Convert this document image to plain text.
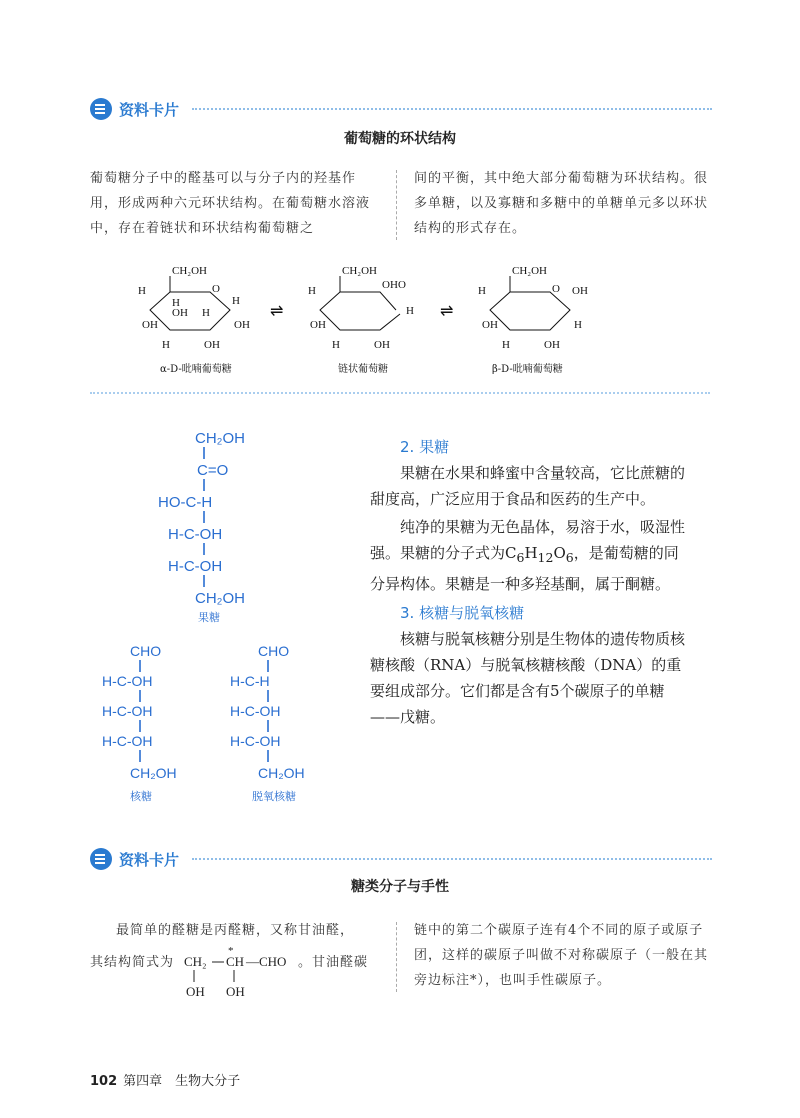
资料卡片
葡萄糖的环状结构
葡萄糖分子中的醛基可以与分子内的羟基作用，形成两种六元环状结构。在葡萄糖水溶液中，存在着链状和环状结构葡萄糖之
间的平衡，其中绝大部分葡萄糖为环状结构。很多单糖，以及寡糖和多糖中的单糖单元多以环状结构的形式存在。
CH₂OH
O
H
H	H
OH
OH H
OH
H	OH
⇌
CH₂OH
OH O
H
H
OH
H	OH
⇌
CH₂OH
O
H	OH
OH	H
H	OH
α-D-吡喃葡萄糖	链状葡萄糖	β-D-吡喃葡萄糖
CH₂OH
C=O
HO-C-H
H-C-OH
H-C-OH
CH₂OH
果糖
2. 果糖
果糖在水果和蜂蜜中含量较高，它比蔗糖的甜度高，广泛应用于食品和医药的生产中。
纯净的果糖为无色晶体，易溶于水，吸湿性强。果糖的分子式为$C_6H_{12}O_6$，是葡萄糖的同分异构体。果糖是一种多羟基酮，属于酮糖。
CHO
H-C-OH
H-C-OH
H-C-OH
CH₂OH
核糖
CHO
H-C-H
H-C-OH
H-C-OH
CH₂OH
脱氧核糖
3. 核糖与脱氧核糖
核糖与脱氧核糖分别是生物体的遗传物质核糖核酸（RNA）与脱氧核糖核酸（DNA）的重要组成部分。它们都是含有5个碳原子的单糖——戊糖。
资料卡片
糖类分子与手性
最简单的醛糖是丙醛糖，又称甘油醛，
其结构简式为 CH₂
*
CH —CHO
OH OH
。甘油醛碳
链中的第二个碳原子连有4个不同的原子或原子团，这样的碳原子叫做不对称碳原子（一般在其旁边标注*），也叫手性碳原子。
102 第四章　生物大分子
